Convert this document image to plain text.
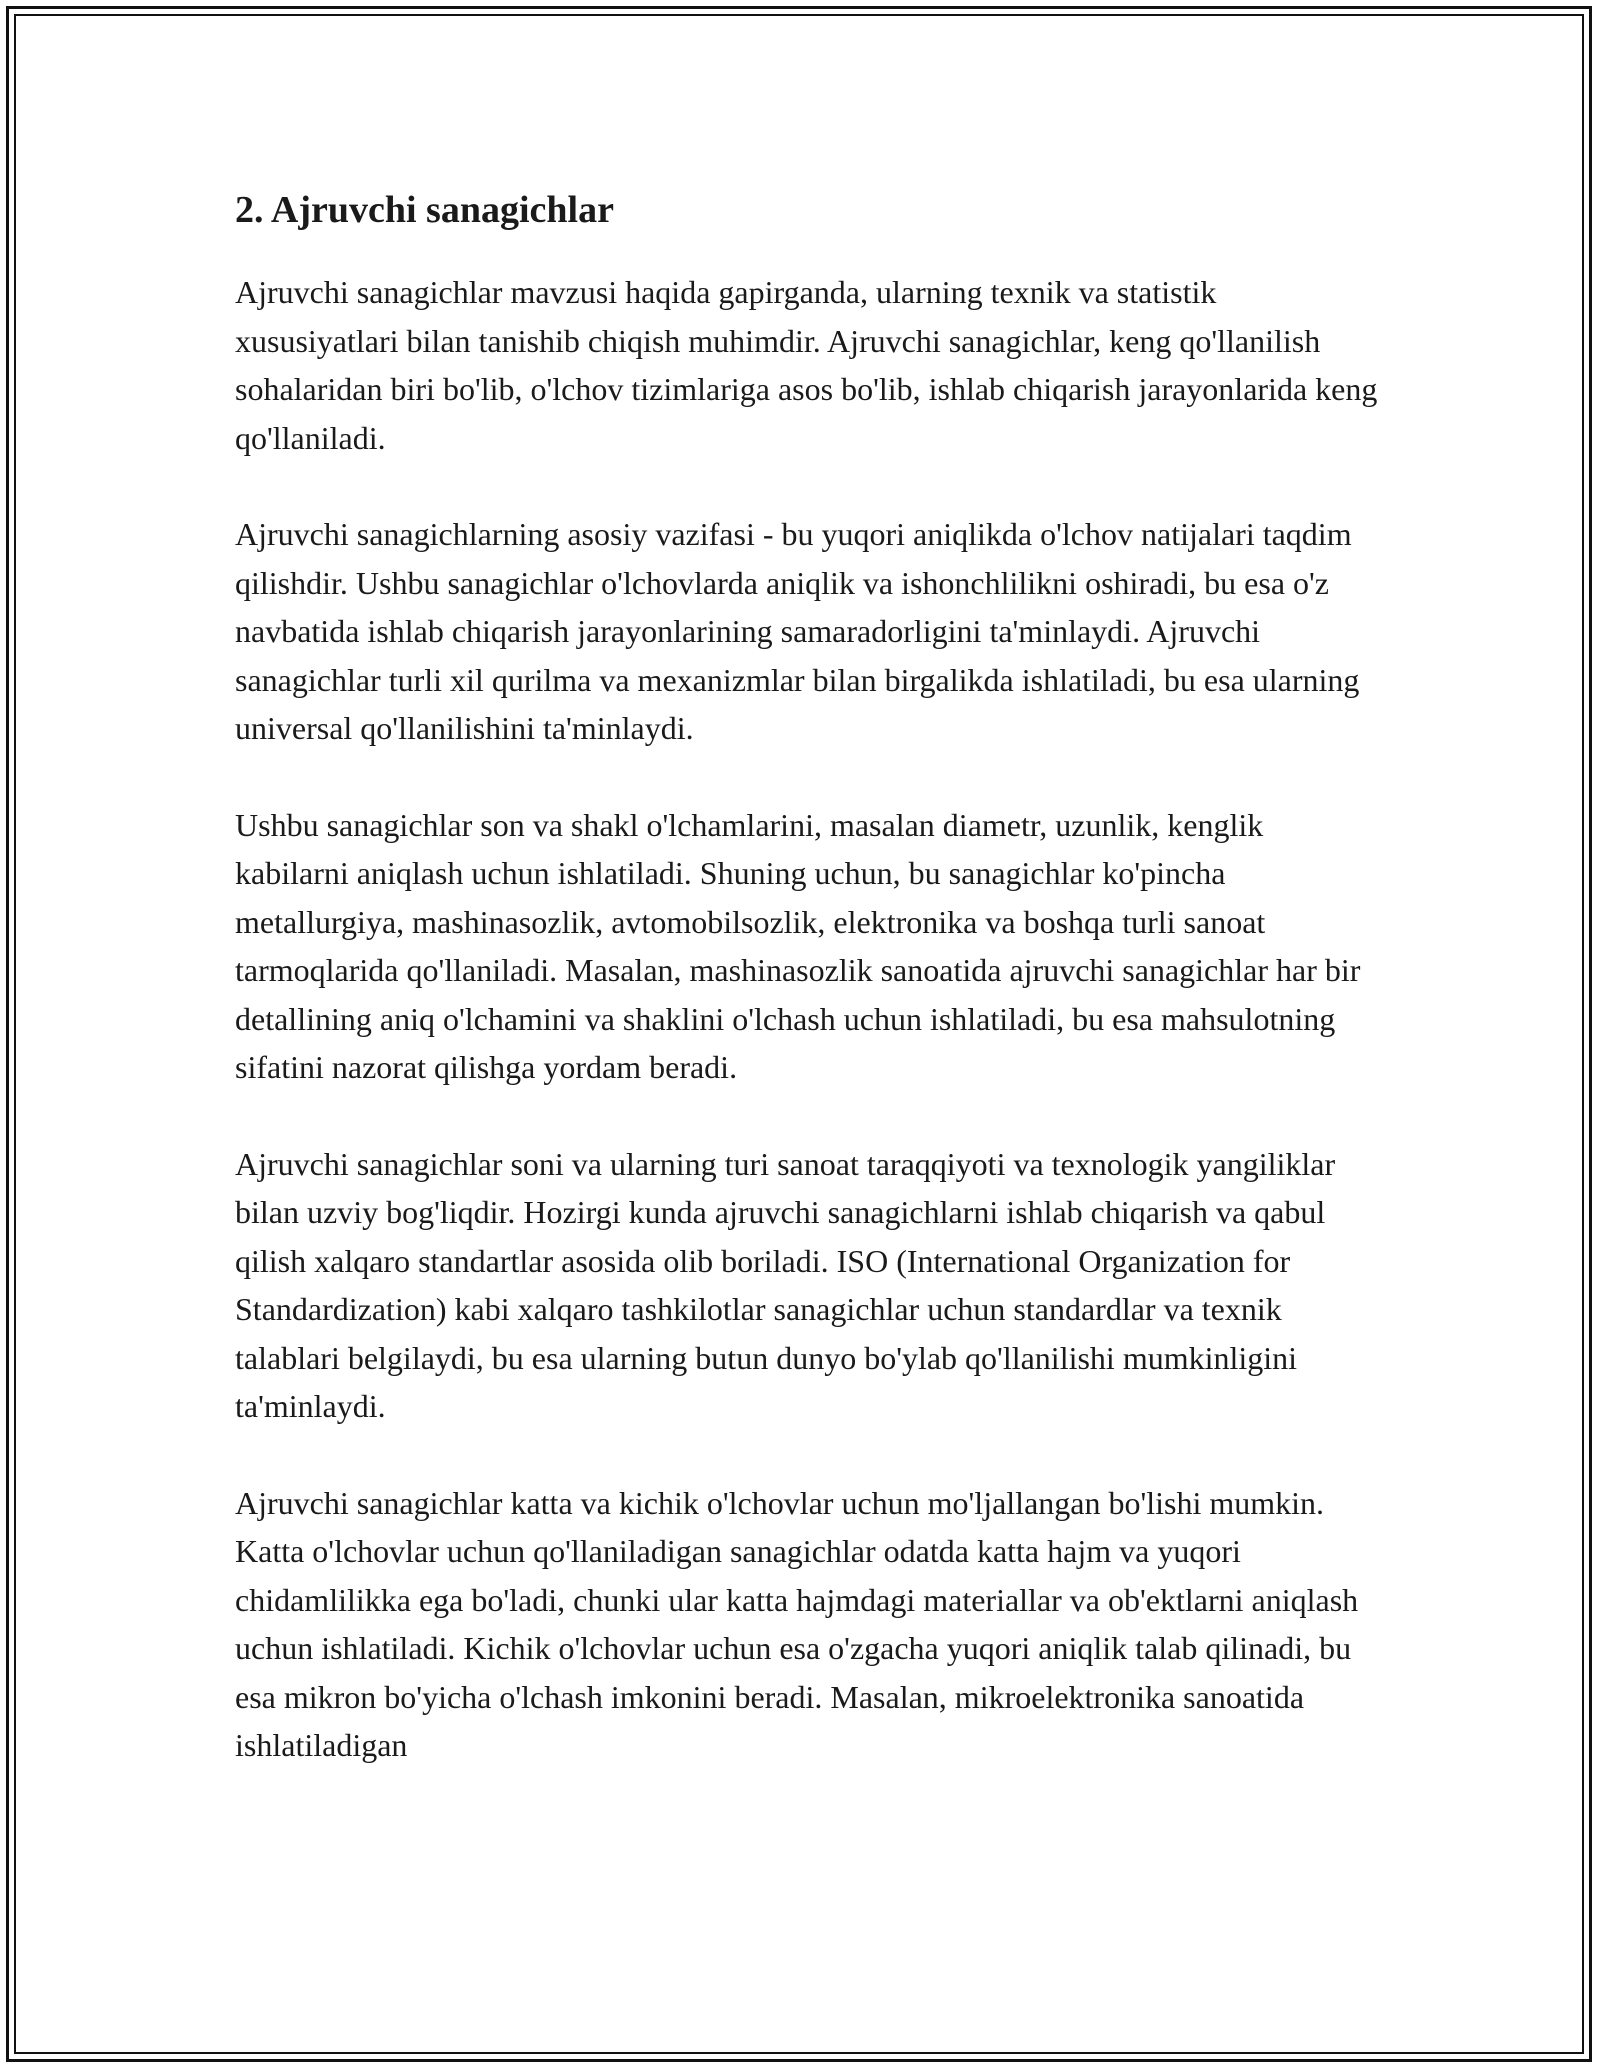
2. Ajruvchi sanagichlar

Ajruvchi sanagichlar mavzusi haqida gapirganda, ularning texnik va statistik xususiyatlari bilan tanishib chiqish muhimdir. Ajruvchi sanagichlar, keng qo'llanilish sohalaridan biri bo'lib, o'lchov tizimlariga asos bo'lib, ishlab chiqarish jarayonlarida keng qo'llaniladi.

Ajruvchi sanagichlarning asosiy vazifasi - bu yuqori aniqlikda o'lchov natijalari taqdim qilishdir. Ushbu sanagichlar o'lchovlarda aniqlik va ishonchlilikni oshiradi, bu esa o'z navbatida ishlab chiqarish jarayonlarining samaradorligini ta'minlaydi. Ajruvchi sanagichlar turli xil qurilma va mexanizmlar bilan birgalikda ishlatiladi, bu esa ularning universal qo'llanilishini ta'minlaydi.

Ushbu sanagichlar son va shakl o'lchamlarini, masalan diametr, uzunlik, kenglik kabilarni aniqlash uchun ishlatiladi. Shuning uchun, bu sanagichlar ko'pincha metallurgiya, mashinasozlik, avtomobilsozlik, elektronika va boshqa turli sanoat tarmoqlarida qo'llaniladi. Masalan, mashinasozlik sanoatida ajruvchi sanagichlar har bir detallining aniq o'lchamini va shaklini o'lchash uchun ishlatiladi, bu esa mahsulotning sifatini nazorat qilishga yordam beradi.

Ajruvchi sanagichlar soni va ularning turi sanoat taraqqiyoti va texnologik yangiliklar bilan uzviy bog'liqdir. Hozirgi kunda ajruvchi sanagichlarni ishlab chiqarish va qabul qilish xalqaro standartlar asosida olib boriladi. ISO (International Organization for Standardization) kabi xalqaro tashkilotlar sanagichlar uchun standardlar va texnik talablari belgilaydi, bu esa ularning butun dunyo bo'ylab qo'llanilishi mumkinligini ta'minlaydi.

Ajruvchi sanagichlar katta va kichik o'lchovlar uchun mo'ljallangan bo'lishi mumkin. Katta o'lchovlar uchun qo'llaniladigan sanagichlar odatda katta hajm va yuqori chidamlilikka ega bo'ladi, chunki ular katta hajmdagi materiallar va ob'ektlarni aniqlash uchun ishlatiladi. Kichik o'lchovlar uchun esa o'zgacha yuqori aniqlik talab qilinadi, bu esa mikron bo'yicha o'lchash imkonini beradi. Masalan, mikroelektronika sanoatida ishlatiladigan
